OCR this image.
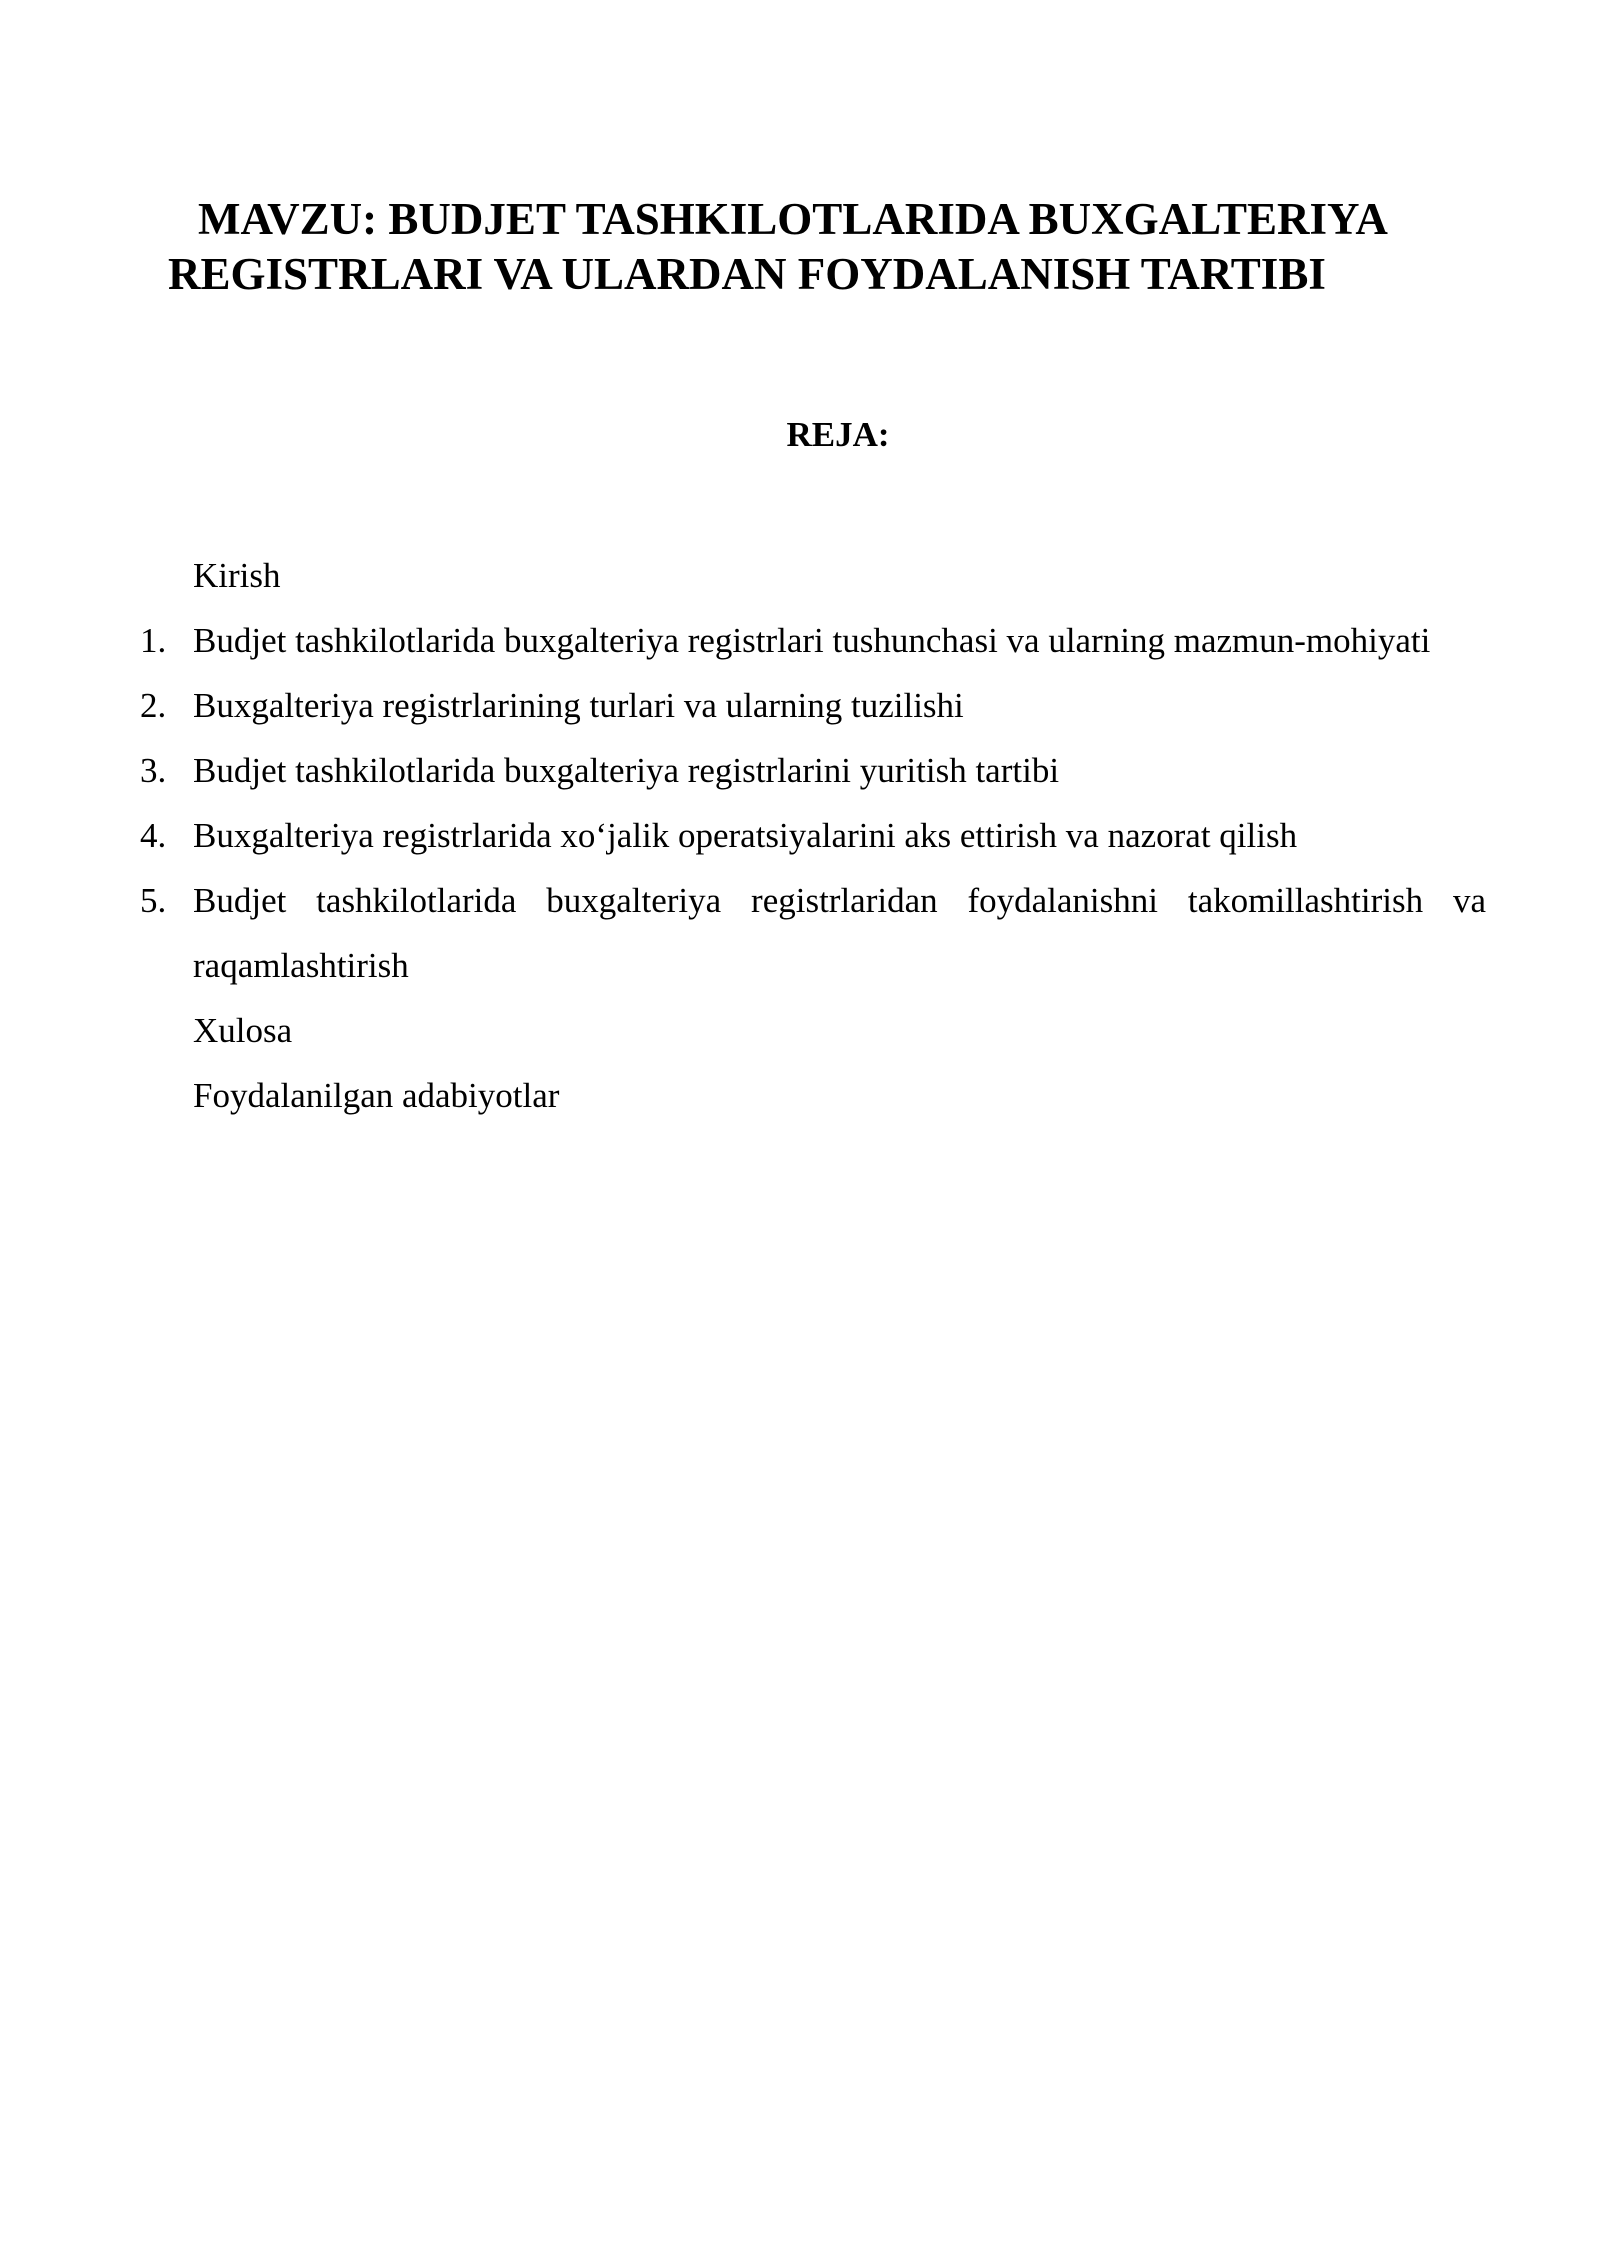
MAVZU: BUDJET TASHKILOTLARIDA BUXGALTERIYA
REGISTRLARI VA ULARDAN FOYDALANISH TARTIBI
REJA:
Kirish
1. Budjet tashkilotlarida buxgalteriya registrlari tushunchasi va ularning mazmun-mohiyati
2. Buxgalteriya registrlarining turlari va ularning tuzilishi
3. Budjet tashkilotlarida buxgalteriya registrlarini yuritish tartibi
4. Buxgalteriya registrlarida xo‘jalik operatsiyalarini aks ettirish va nazorat qilish
5. Budjet tashkilotlarida buxgalteriya registrlaridan foydalanishni takomillashtirish va raqamlashtirish
Xulosa
Foydalanilgan adabiyotlar
